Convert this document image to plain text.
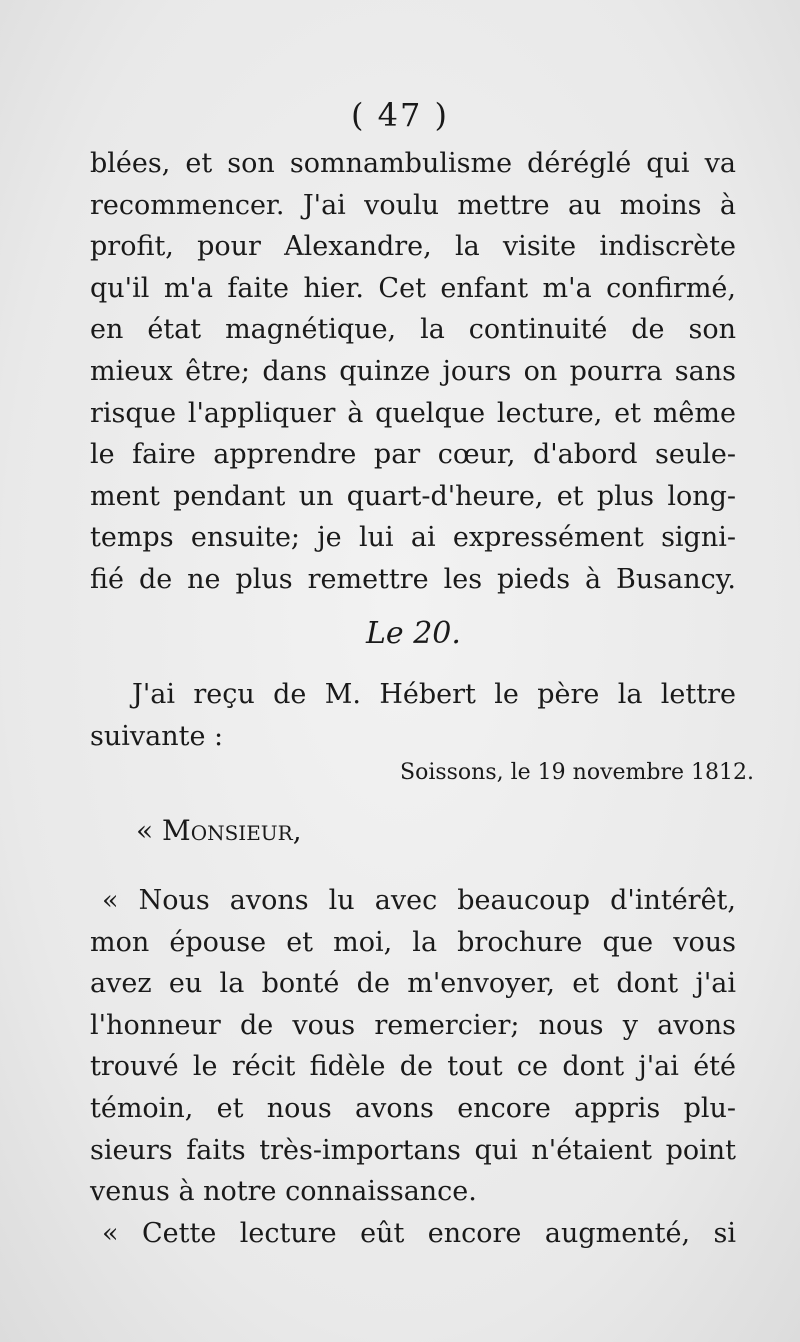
( 47 )
blées, et son somnambulisme déréglé qui va
recommencer. J'ai voulu mettre au moins à
profit, pour Alexandre, la visite indiscrète
qu'il m'a faite hier. Cet enfant m'a confirmé,
en état magnétique, la continuité de son
mieux être; dans quinze jours on pourra sans
risque l'appliquer à quelque lecture, et même
le faire apprendre par cœur, d'abord seule-
ment pendant un quart-d'heure, et plus long-
temps ensuite; je lui ai expressément signi-
fié de ne plus remettre les pieds à Busancy.
Le 20.
J'ai reçu de M. Hébert le père la lettre
suivante :
Soissons, le 19 novembre 1812.
« Monsieur,
« Nous avons lu avec beaucoup d'intérêt,
mon épouse et moi, la brochure que vous
avez eu la bonté de m'envoyer, et dont j'ai
l'honneur de vous remercier; nous y avons
trouvé le récit fidèle de tout ce dont j'ai été
témoin, et nous avons encore appris plu-
sieurs faits très-importans qui n'étaient point
venus à notre connaissance.
« Cette lecture eût encore augmenté, si
